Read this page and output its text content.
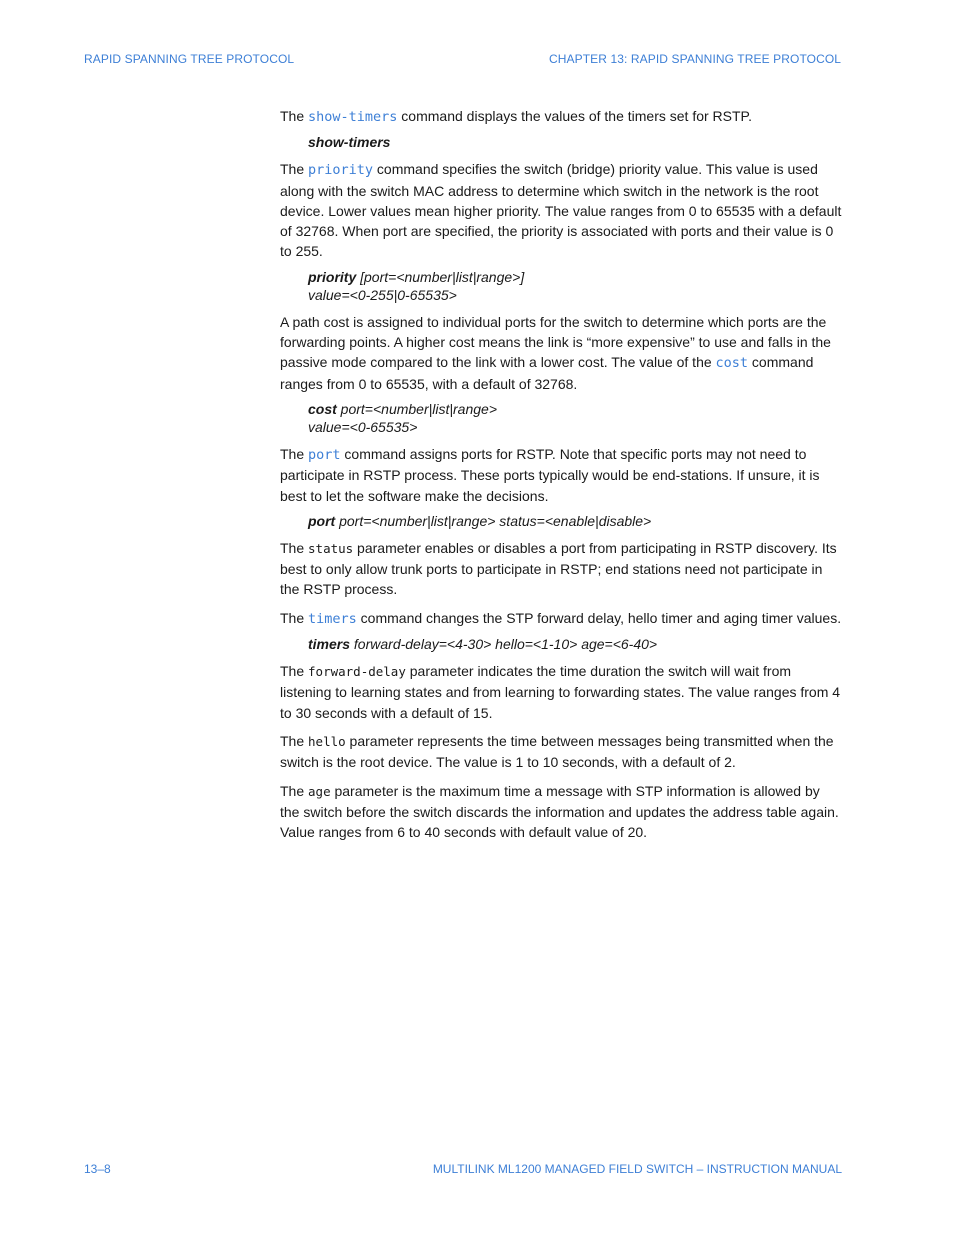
RAPID SPANNING TREE PROTOCOL	CHAPTER 13: RAPID SPANNING TREE PROTOCOL

The show-timers command displays the values of the timers set for RSTP.

show-timers

The priority command specifies the switch (bridge) priority value. This value is used along with the switch MAC address to determine which switch in the network is the root device. Lower values mean higher priority. The value ranges from 0 to 65535 with a default of 32768. When port are specified, the priority is associated with ports and their value is 0 to 255.

priority [port=<number|list|range>]
value=<0-255|0-65535>

A path cost is assigned to individual ports for the switch to determine which ports are the forwarding points. A higher cost means the link is “more expensive” to use and falls in the passive mode compared to the link with a lower cost. The value of the cost command ranges from 0 to 65535, with a default of 32768.

cost port=<number|list|range>
value=<0-65535>

The port command assigns ports for RSTP. Note that specific ports may not need to participate in RSTP process. These ports typically would be end-stations. If unsure, it is best to let the software make the decisions.

port port=<number|list|range> status=<enable|disable>

The status parameter enables or disables a port from participating in RSTP discovery. Its best to only allow trunk ports to participate in RSTP; end stations need not participate in the RSTP process.

The timers command changes the STP forward delay, hello timer and aging timer values.

timers forward-delay=<4-30> hello=<1-10> age=<6-40>

The forward-delay parameter indicates the time duration the switch will wait from listening to learning states and from learning to forwarding states. The value ranges from 4 to 30 seconds with a default of 15.

The hello parameter represents the time between messages being transmitted when the switch is the root device. The value is 1 to 10 seconds, with a default of 2.

The age parameter is the maximum time a message with STP information is allowed by the switch before the switch discards the information and updates the address table again. Value ranges from 6 to 40 seconds with default value of 20.

13–8	MULTILINK ML1200 MANAGED FIELD SWITCH – INSTRUCTION MANUAL
